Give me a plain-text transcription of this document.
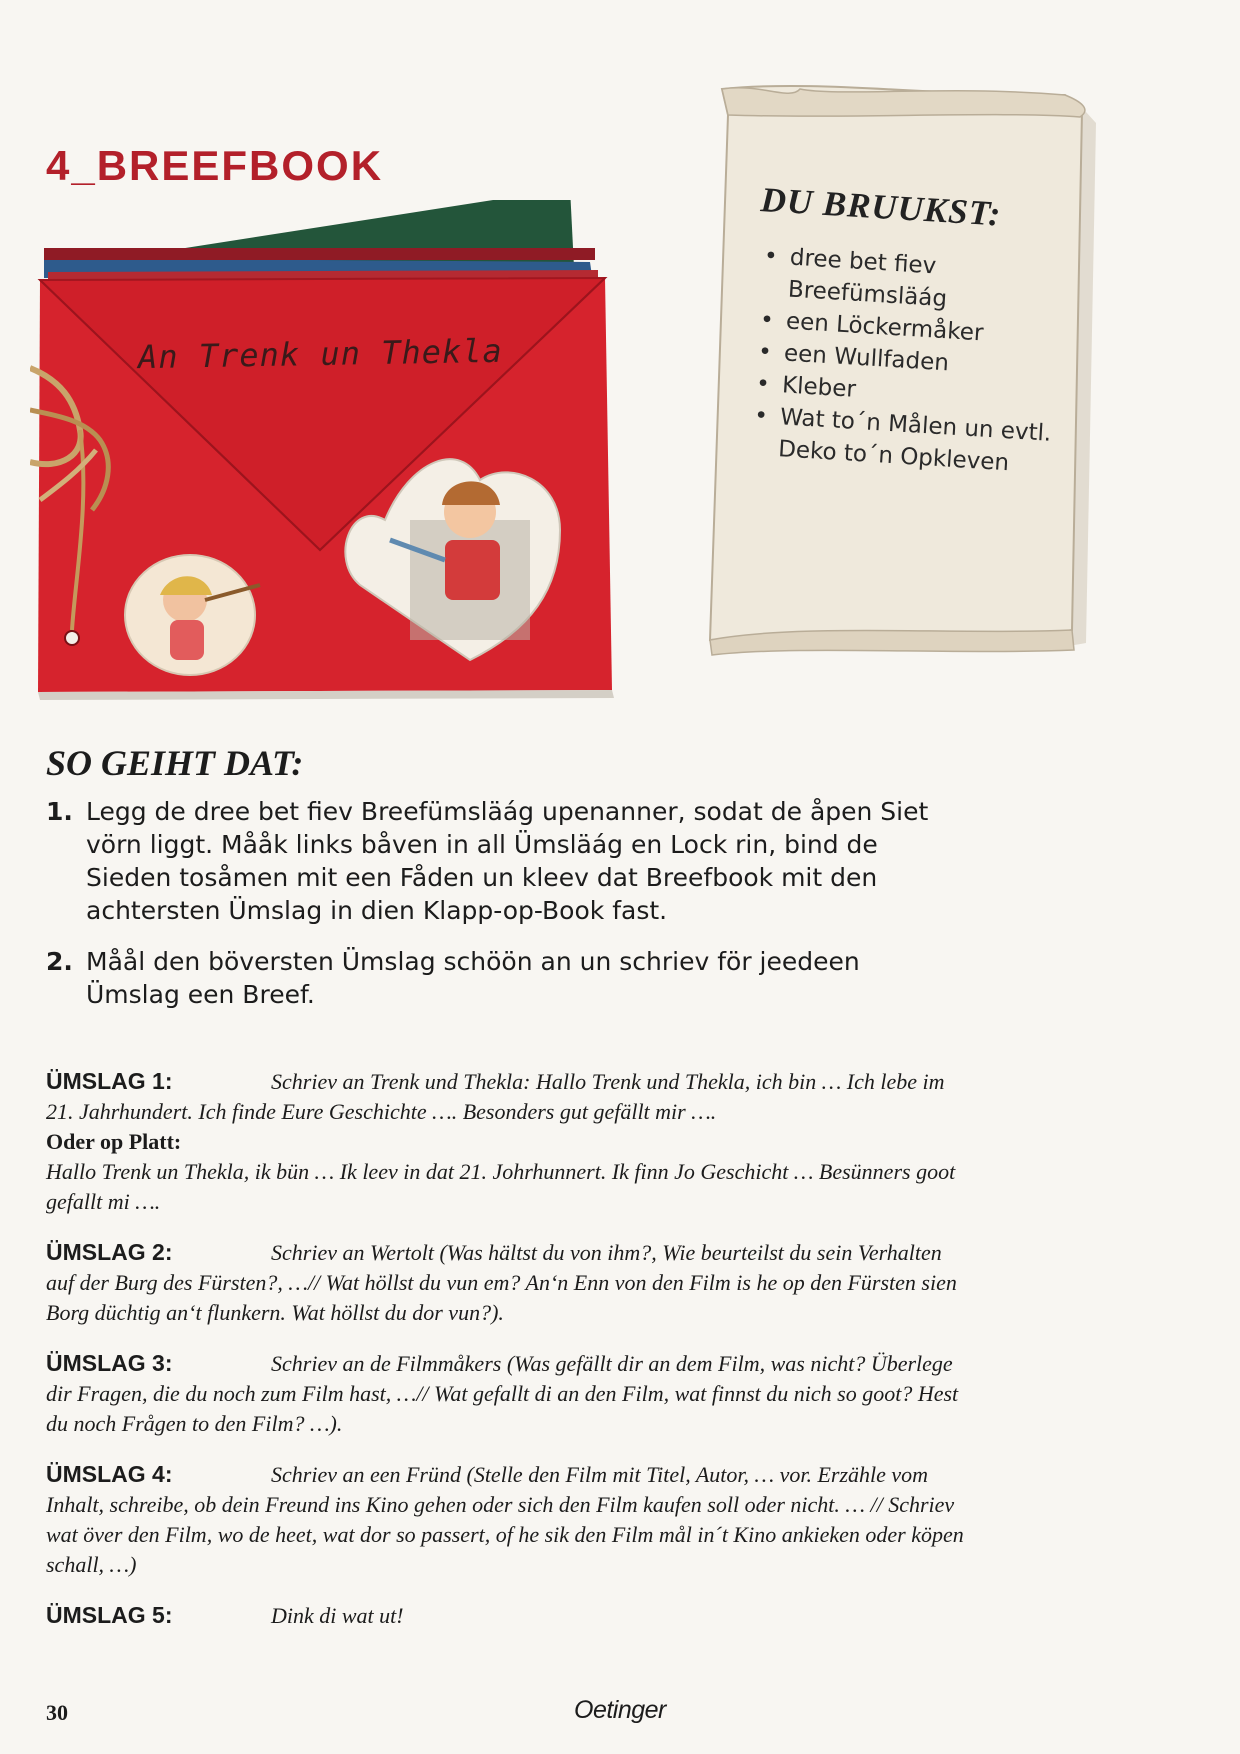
4_BREEFBOOK
An Trenk un Thekla
DU BRUUKST:
• dree bet fiev Breefümsläág
• een Löckermåker
• een Wullfaden
• Kleber
• Wat to´n Målen un evtl. Deko to´n Opkleven
SO GEIHT DAT:
1. Legg de dree bet fiev Breefümsläág upenanner, sodat de åpen Siet vörn liggt. Mååk links båven in all Ümsläág en Lock rin, bind de Sieden tosåmen mit een Fåden un kleev dat Breefbook mit den achtersten Ümslag in dien Klapp-op-Book fast.
2. Måål den böversten Ümslag schöön an un schriev för jeedeen Ümslag een Breef.
ÜMSLAG 1:	Schriev an Trenk und Thekla: Hallo Trenk und Thekla, ich bin … Ich lebe im 21. Jahrhundert. Ich finde Eure Geschichte …. Besonders gut gefällt mir ….
Oder op Platt:
Hallo Trenk un Thekla, ik bün … Ik leev in dat 21. Johrhunnert. Ik finn Jo Geschicht … Besünners goot gefallt mi ….
ÜMSLAG 2:	Schriev an Wertolt (Was hältst du von ihm?, Wie beurteilst du sein Verhalten auf der Burg des Fürsten?, …// Wat höllst du vun em? An‘n Enn von den Film is he op den Fürsten sien Borg düchtig an‘t flunkern. Wat höllst du dor vun?).
ÜMSLAG 3:	Schriev an de Filmmåkers (Was gefällt dir an dem Film, was nicht? Überlege dir Fragen, die du noch zum Film hast, …// Wat gefallt di an den Film, wat finnst du nich so goot? Hest du noch Frågen to den Film? …).
ÜMSLAG 4:	Schriev an een Fründ (Stelle den Film mit Titel, Autor, … vor. Erzähle vom Inhalt, schreibe, ob dein Freund ins Kino gehen oder sich den Film kaufen soll oder nicht. … // Schriev wat över den Film, wo de heet, wat dor so passert, of he sik den Film mål in´t Kino ankieken oder köpen schall, …)
ÜMSLAG 5:	Dink di wat ut!

30	Oetinger
